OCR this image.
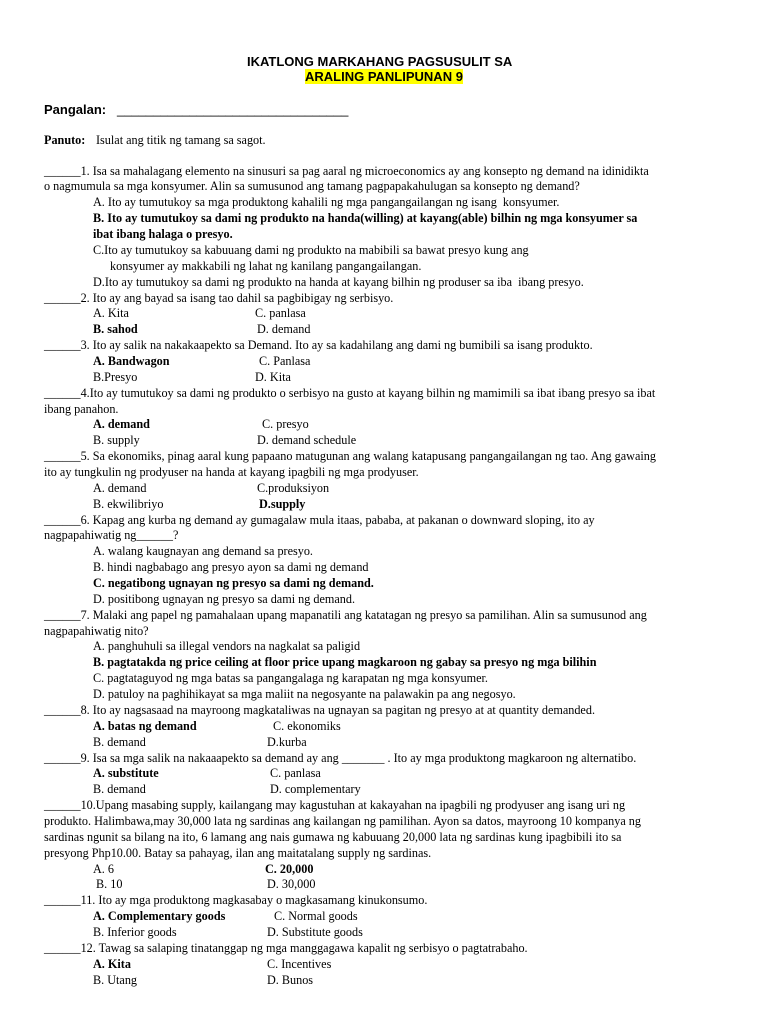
IKATLONG MARKAHANG PAGSUSULIT SA
ARALING PANLIPUNAN 9
Pangalan: ________________________________
Panuto: Isulat ang titik ng tamang sa sagot.
______1. Isa sa mahalagang elemento na sinusuri sa pag aaral ng microeconomics ay ang konsepto ng demand na idinidikta
o nagmumula sa mga konsyumer. Alin sa sumusunod ang tamang pagpapakahulugan sa konsepto ng demand?
A. Ito ay tumutukoy sa mga produktong kahalili ng mga pangangailangan ng isang  konsyumer.
B. Ito ay tumutukoy sa dami ng produkto na handa(willing) at kayang(able) bilhin ng mga konsyumer sa
ibat ibang halaga o presyo.
C.Ito ay tumutukoy sa kabuuang dami ng produkto na mabibili sa bawat presyo kung ang
konsyumer ay makkabili ng lahat ng kanilang pangangailangan.
D.Ito ay tumutukoy sa dami ng produkto na handa at kayang bilhin ng produser sa iba  ibang presyo.
______2. Ito ay ang bayad sa isang tao dahil sa pagbibigay ng serbisyo.
A. Kita	C. panlasa
B. sahod	D. demand
______3. Ito ay salik na nakakaapekto sa Demand. Ito ay sa kadahilang ang dami ng bumibili sa isang produkto.
A. Bandwagon	C. Panlasa
B.Presyo	D. Kita
______4.Ito ay tumutukoy sa dami ng produkto o serbisyo na gusto at kayang bilhin ng mamimili sa ibat ibang presyo sa ibat
ibang panahon.
A. demand	C. presyo
B. supply	D. demand schedule
______5. Sa ekonomiks, pinag aaral kung papaano matugunan ang walang katapusang pangangailangan ng tao. Ang gawaing
ito ay tungkulin ng prodyuser na handa at kayang ipagbili ng mga prodyuser.
A. demand	C.produksiyon
B. ekwilibriyo	D.supply
______6. Kapag ang kurba ng demand ay gumagalaw mula itaas, pababa, at pakanan o downward sloping, ito ay
nagpapahiwatig ng______?
A. walang kaugnayan ang demand sa presyo.
B. hindi nagbabago ang presyo ayon sa dami ng demand
C. negatibong ugnayan ng presyo sa dami ng demand.
D. positibong ugnayan ng presyo sa dami ng demand.
______7. Malaki ang papel ng pamahalaan upang mapanatili ang katatagan ng presyo sa pamilihan. Alin sa sumusunod ang
nagpapahiwatig nito?
A. panghuhuli sa illegal vendors na nagkalat sa paligid
B. pagtatakda ng price ceiling at floor price upang magkaroon ng gabay sa presyo ng mga bilihin
C. pagtataguyod ng mga batas sa pangangalaga ng karapatan ng mga konsyumer.
D. patuloy na paghihikayat sa mga maliit na negosyante na palawakin pa ang negosyo.
______8. Ito ay nagsasaad na mayroong magkataliwas na ugnayan sa pagitan ng presyo at at quantity demanded.
A. batas ng demand	C. ekonomiks
B. demand	D.kurba
______9. Isa sa mga salik na nakaaapekto sa demand ay ang _______ . Ito ay mga produktong magkaroon ng alternatibo.
A. substitute	C. panlasa
B. demand	D. complementary
______10.Upang masabing supply, kailangang may kagustuhan at kakayahan na ipagbili ng prodyuser ang isang uri ng
produkto. Halimbawa,may 30,000 lata ng sardinas ang kailangan ng pamilihan. Ayon sa datos, mayroong 10 kompanya ng
sardinas ngunit sa bilang na ito, 6 lamang ang nais gumawa ng kabuuang 20,000 lata ng sardinas kung ipagbibili ito sa
presyong Php10.00. Batay sa pahayag, ilan ang maitatalang supply ng sardinas.
A. 6	C. 20,000
B. 10	D. 30,000
______11. Ito ay mga produktong magkasabay o magkasamang kinukonsumo.
A. Complementary goods	C. Normal goods
B. Inferior goods	D. Substitute goods
______12. Tawag sa salaping tinatanggap ng mga manggagawa kapalit ng serbisyo o pagtatrabaho.
A. Kita	C. Incentives
B. Utang	D. Bunos
